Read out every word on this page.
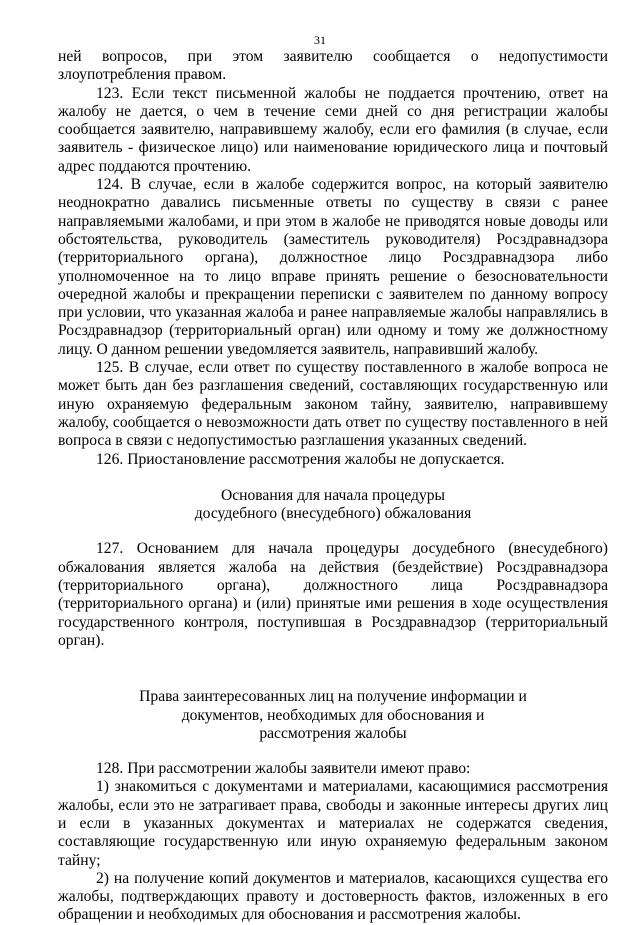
31

ней вопросов, при этом заявителю сообщается о недопустимости злоупотребления правом.

123. Если текст письменной жалобы не поддается прочтению, ответ на жалобу не дается, о чем в течение семи дней со дня регистрации жалобы сообщается заявителю, направившему жалобу, если его фамилия (в случае, если заявитель - физическое лицо) или наименование юридического лица и почтовый адрес поддаются прочтению.

124. В случае, если в жалобе содержится вопрос, на который заявителю неоднократно давались письменные ответы по существу в связи с ранее направляемыми жалобами, и при этом в жалобе не приводятся новые доводы или обстоятельства, руководитель (заместитель руководителя) Росздравнадзора (территориального органа), должностное лицо Росздравнадзора либо уполномоченное на то лицо вправе принять решение о безосновательности очередной жалобы и прекращении переписки с заявителем по данному вопросу при условии, что указанная жалоба и ранее направляемые жалобы направлялись в Росздравнадзор (территориальный орган) или одному и тому же должностному лицу. О данном решении уведомляется заявитель, направивший жалобу.

125. В случае, если ответ по существу поставленного в жалобе вопроса не может быть дан без разглашения сведений, составляющих государственную или иную охраняемую федеральным законом тайну, заявителю, направившему жалобу, сообщается о невозможности дать ответ по существу поставленного в ней вопроса в связи с недопустимостью разглашения указанных сведений.

126. Приостановление рассмотрения жалобы не допускается.

Основания для начала процедуры
досудебного (внесудебного) обжалования

127. Основанием для начала процедуры досудебного (внесудебного) обжалования является жалоба на действия (бездействие) Росздравнадзора (территориального органа), должностного лица Росздравнадзора (территориального органа) и (или) принятые ими решения в ходе осуществления государственного контроля, поступившая в Росздравнадзор (территориальный орган).

Права заинтересованных лиц на получение информации и
документов, необходимых для обоснования и
рассмотрения жалобы

128. При рассмотрении жалобы заявители имеют право:

1) знакомиться с документами и материалами, касающимися рассмотрения жалобы, если это не затрагивает права, свободы и законные интересы других лиц и если в указанных документах и материалах не содержатся сведения, составляющие государственную или иную охраняемую федеральным законом тайну;

2) на получение копий документов и материалов, касающихся существа его жалобы, подтверждающих правоту и достоверность фактов, изложенных в его обращении и необходимых для обоснования и рассмотрения жалобы.
